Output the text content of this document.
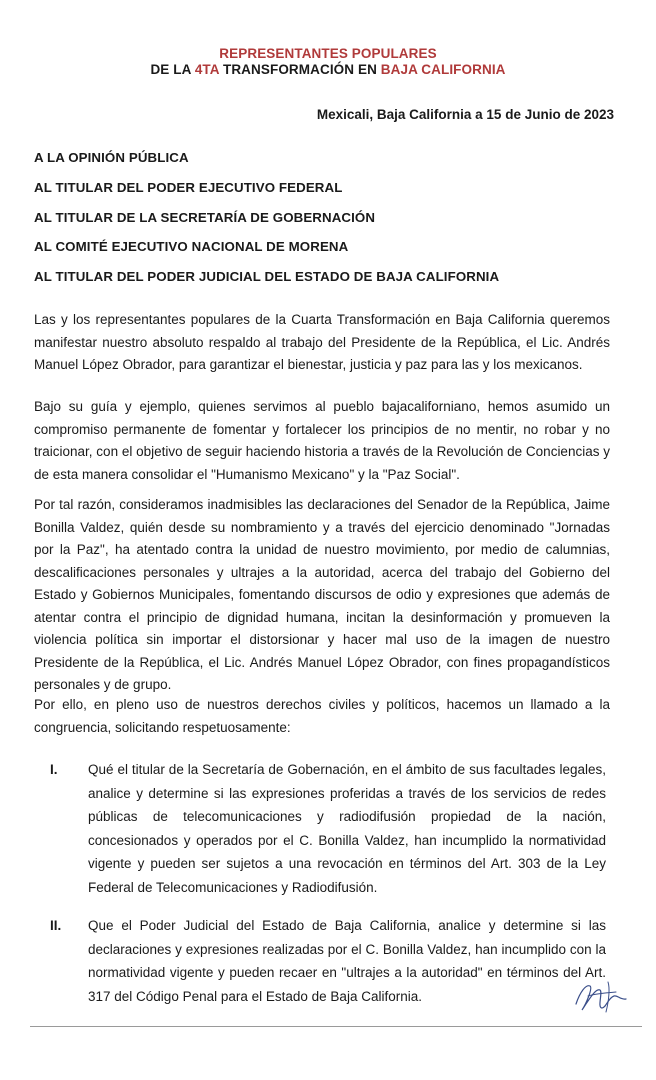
REPRESENTANTES POPULARES
DE LA 4TA TRANSFORMACIÓN EN BAJA CALIFORNIA
Mexicali, Baja California a 15 de Junio de 2023
A LA OPINIÓN PÚBLICA
AL TITULAR DEL PODER EJECUTIVO FEDERAL
AL TITULAR DE LA SECRETARÍA DE GOBERNACIÓN
AL COMITÉ EJECUTIVO NACIONAL DE MORENA
AL TITULAR DEL PODER JUDICIAL DEL ESTADO DE BAJA CALIFORNIA

Las y los representantes populares de la Cuarta Transformación en Baja California queremos manifestar nuestro absoluto respaldo al trabajo del Presidente de la República, el Lic. Andrés Manuel López Obrador, para garantizar el bienestar, justicia y paz para las y los mexicanos.

Bajo su guía y ejemplo, quienes servimos al pueblo bajacaliforniano, hemos asumido un compromiso permanente de fomentar y fortalecer los principios de no mentir, no robar y no traicionar, con el objetivo de seguir haciendo historia a través de la Revolución de Conciencias y de esta manera consolidar el "Humanismo Mexicano" y la "Paz Social".

Por tal razón, consideramos inadmisibles las declaraciones del Senador de la República, Jaime Bonilla Valdez, quién desde su nombramiento y a través del ejercicio denominado "Jornadas por la Paz", ha atentado contra la unidad de nuestro movimiento, por medio de calumnias, descalificaciones personales y ultrajes a la autoridad, acerca del trabajo del Gobierno del Estado y Gobiernos Municipales, fomentando discursos de odio y expresiones que además de atentar contra el principio de dignidad humana, incitan la desinformación y promueven la violencia política sin importar el distorsionar y hacer mal uso de la imagen de nuestro Presidente de la República, el Lic. Andrés Manuel López Obrador, con fines propagandísticos personales y de grupo.

Por ello, en pleno uso de nuestros derechos civiles y políticos, hacemos un llamado a la congruencia, solicitando respetuosamente:

I. Qué el titular de la Secretaría de Gobernación, en el ámbito de sus facultades legales, analice y determine si las expresiones proferidas a través de los servicios de redes públicas de telecomunicaciones y radiodifusión propiedad de la nación, concesionados y operados por el C. Bonilla Valdez, han incumplido la normatividad vigente y pueden ser sujetos a una revocación en términos del Art. 303 de la Ley Federal de Telecomunicaciones y Radiodifusión.

II. Que el Poder Judicial del Estado de Baja California, analice y determine si las declaraciones y expresiones realizadas por el C. Bonilla Valdez, han incumplido con la normatividad vigente y pueden recaer en "ultrajes a la autoridad" en términos del Art. 317 del Código Penal para el Estado de Baja California.
